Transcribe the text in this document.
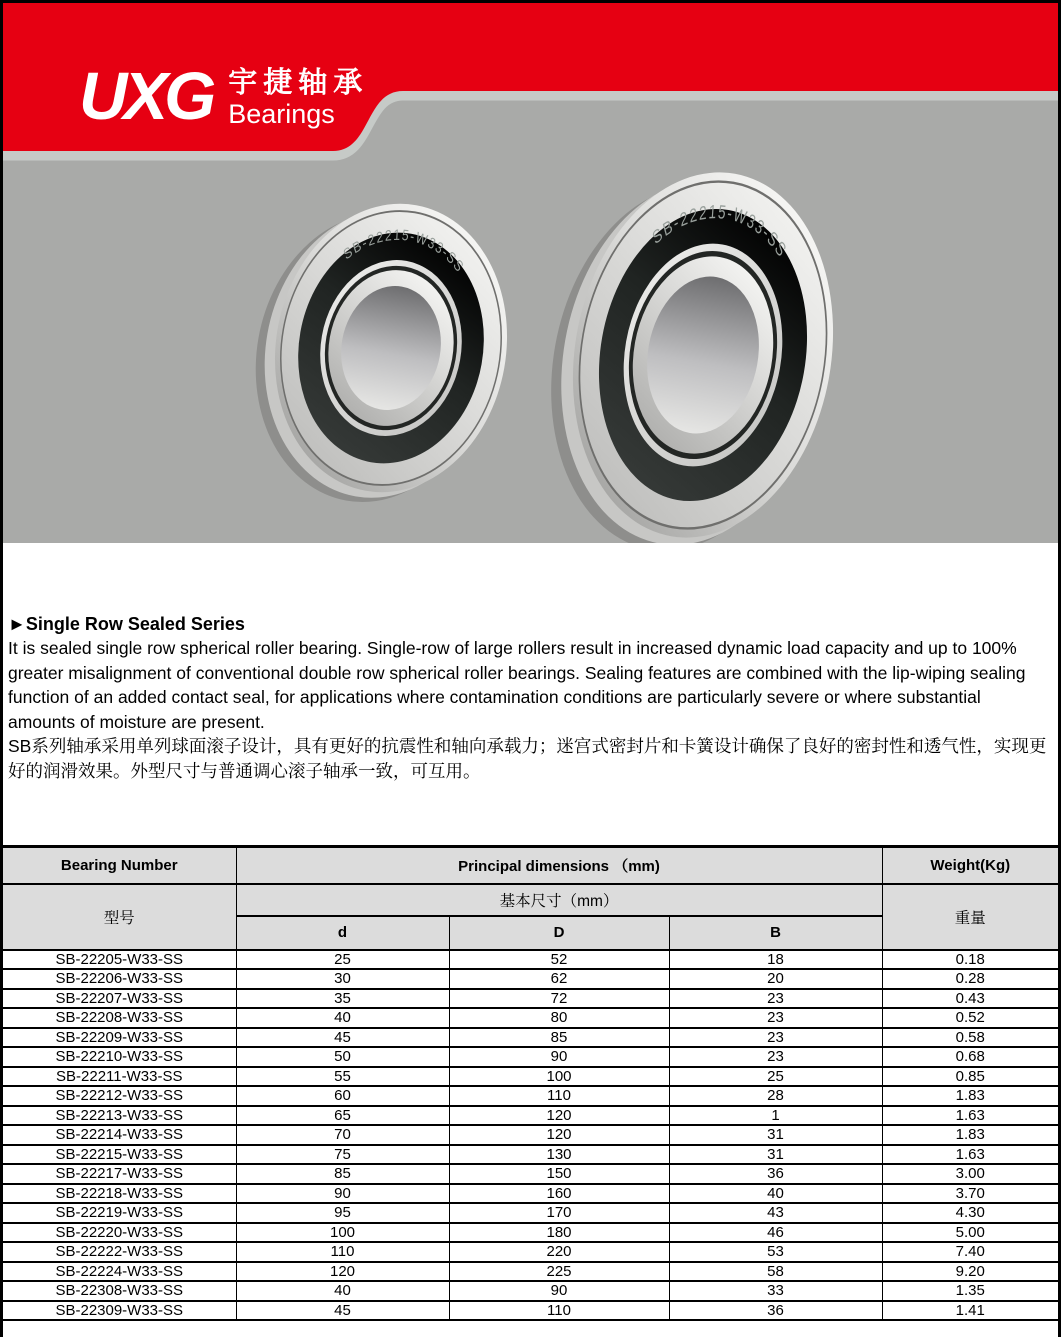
UXG 宇捷轴承
Bearings
►Single Row Sealed Series

It is sealed single row spherical roller bearing. Single-row of large rollers result in increased dynamic load capacity and up to 100% greater misalignment of conventional double row spherical roller bearings. Sealing features are combined with the lip-wiping sealing function of an added contact seal, for applications where contamination conditions are particularly severe or where substantial amounts of moisture are present.

SB系列轴承采用单列球面滚子设计，具有更好的抗震性和轴向承载力；迷宫式密封片和卡簧设计确保了良好的密封性和透气性，实现更好的润滑效果。外型尺寸与普通调心滚子轴承一致，可互用。

Bearing Number	Principal dimensions （mm)			Weight(Kg)
型号	基本尺寸（mm）			重量
	d	D	B	
SB-22205-W33-SS	25	52	18	0.18
SB-22206-W33-SS	30	62	20	0.28
SB-22207-W33-SS	35	72	23	0.43
SB-22208-W33-SS	40	80	23	0.52
SB-22209-W33-SS	45	85	23	0.58
SB-22210-W33-SS	50	90	23	0.68
SB-22211-W33-SS	55	100	25	0.85
SB-22212-W33-SS	60	110	28	1.83
SB-22213-W33-SS	65	120	1	1.63
SB-22214-W33-SS	70	120	31	1.83
SB-22215-W33-SS	75	130	31	1.63
SB-22217-W33-SS	85	150	36	3.00
SB-22218-W33-SS	90	160	40	3.70
SB-22219-W33-SS	95	170	43	4.30
SB-22220-W33-SS	100	180	46	5.00
SB-22222-W33-SS	110	220	53	7.40
SB-22224-W33-SS	120	225	58	9.20
SB-22308-W33-SS	40	90	33	1.35
SB-22309-W33-SS	45	110	36	1.41
